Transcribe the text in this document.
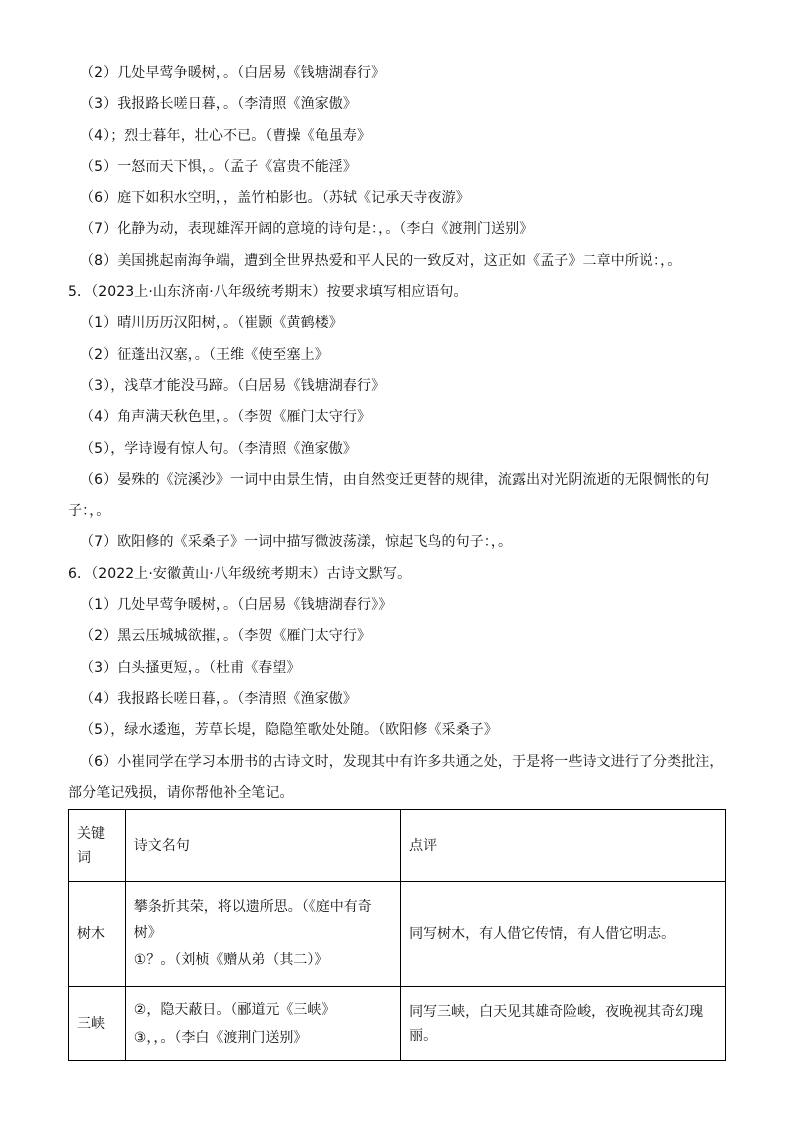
（2）几处早莺争暖树，。（白居易《钱塘湖春行》
（3）我报路长嗟日暮，。（李清照《渔家傲》
（4）；烈士暮年，壮心不已。（曹操《龟虽寿》
（5）一怒而天下惧，。（孟子《富贵不能淫》
（6）庭下如积水空明，，盖竹柏影也。（苏轼《记承天寺夜游》
（7）化静为动，表现雄浑开阔的意境的诗句是：，。（李白《渡荆门送别》
（8）美国挑起南海争端，遭到全世界热爱和平人民的一致反对，这正如《孟子》二章中所说：，。
5．（2023上·山东济南·八年级统考期末）按要求填写相应语句。
（1）晴川历历汉阳树，。（崔颢《黄鹤楼》
（2）征蓬出汉塞，。（王维《使至塞上》
（3），浅草才能没马蹄。（白居易《钱塘湖春行》
（4）角声满天秋色里，。（李贺《雁门太守行》
（5），学诗谩有惊人句。（李清照《渔家傲》
（6）晏殊的《浣溪沙》一词中由景生情，由自然变迁更替的规律，流露出对光阴流逝的无限惆怅的句
子：，。
（7）欧阳修的《采桑子》一词中描写微波荡漾，惊起飞鸟的句子：，。
6．（2022上·安徽黄山·八年级统考期末）古诗文默写。
（1）几处早莺争暖树，。（白居易《钱塘湖春行》》
（2）黑云压城城欲摧，。（李贺《雁门太守行》
（3）白头搔更短，。（杜甫《春望》
（4）我报路长嗟日暮，。（李清照《渔家傲》
（5），绿水逶迤，芳草长堤，隐隐笙歌处处随。（欧阳修《采桑子》
（6）小崔同学在学习本册书的古诗文时，发现其中有许多共通之处，于是将一些诗文进行了分类批注，
部分笔记残损，请你帮他补全笔记。
关键词	诗文名句	点评
树木	攀条折其荣，将以遗所思。（《庭中有奇树》
①？。（刘桢《赠从弟（其二）》	同写树木，有人借它传情，有人借它明志。
三峡	②，隐天蔽日。（郦道元《三峡》
③，，。（李白《渡荆门送别》	同写三峡，白天见其雄奇险峻，夜晚视其奇幻瑰丽。
